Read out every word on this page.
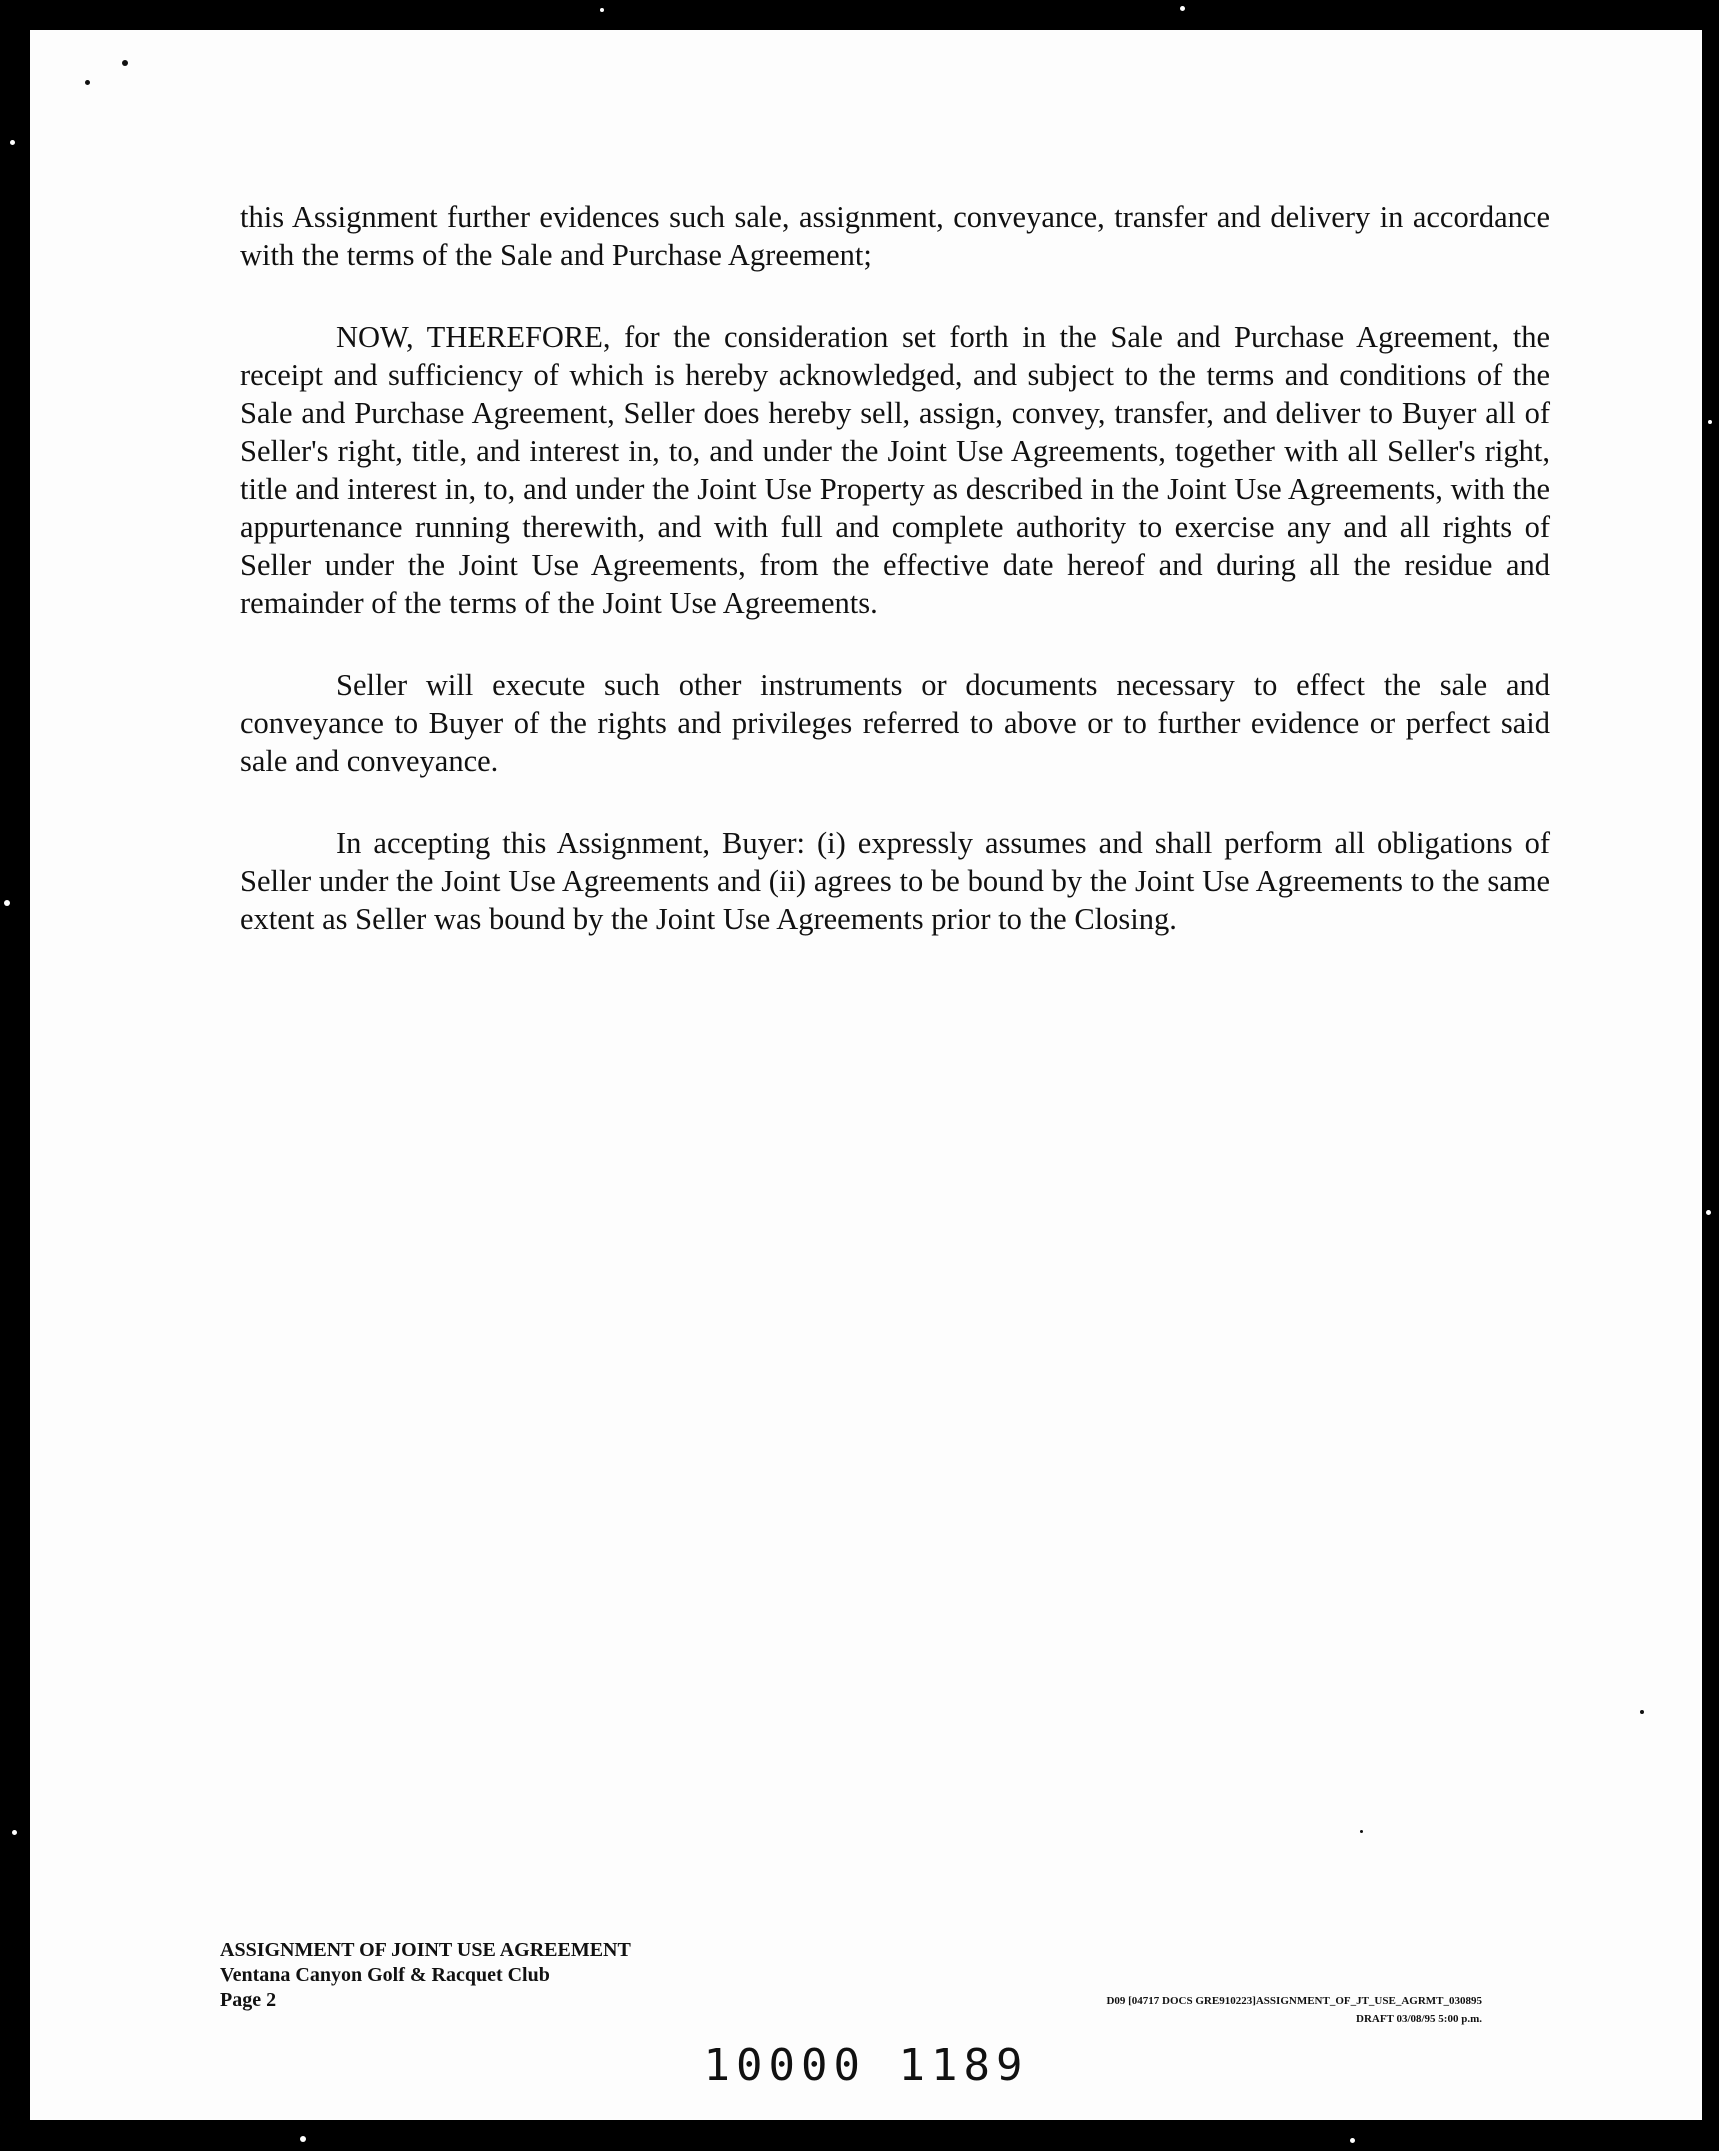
this Assignment further evidences such sale, assignment, conveyance, transfer and delivery in accordance with the terms of the Sale and Purchase Agreement;

NOW, THEREFORE, for the consideration set forth in the Sale and Purchase Agreement, the receipt and sufficiency of which is hereby acknowledged, and subject to the terms and conditions of the Sale and Purchase Agreement, Seller does hereby sell, assign, convey, transfer, and deliver to Buyer all of Seller's right, title, and interest in, to, and under the Joint Use Agreements, together with all Seller's right, title and interest in, to, and under the Joint Use Property as described in the Joint Use Agreements, with the appurtenance running therewith, and with full and complete authority to exercise any and all rights of Seller under the Joint Use Agreements, from the effective date hereof and during all the residue and remainder of the terms of the Joint Use Agreements.

Seller will execute such other instruments or documents necessary to effect the sale and conveyance to Buyer of the rights and privileges referred to above or to further evidence or perfect said sale and conveyance.

In accepting this Assignment, Buyer: (i) expressly assumes and shall perform all obligations of Seller under the Joint Use Agreements and (ii) agrees to be bound by the Joint Use Agreements to the same extent as Seller was bound by the Joint Use Agreements prior to the Closing.

ASSIGNMENT OF JOINT USE AGREEMENT
Ventana Canyon Golf & Racquet Club
Page 2	D09 [04717 DOCS GRE910223]ASSIGNMENT_OF_JT_USE_AGRMT_030895
DRAFT 03/08/95 5:00 p.m.
10000 1189
